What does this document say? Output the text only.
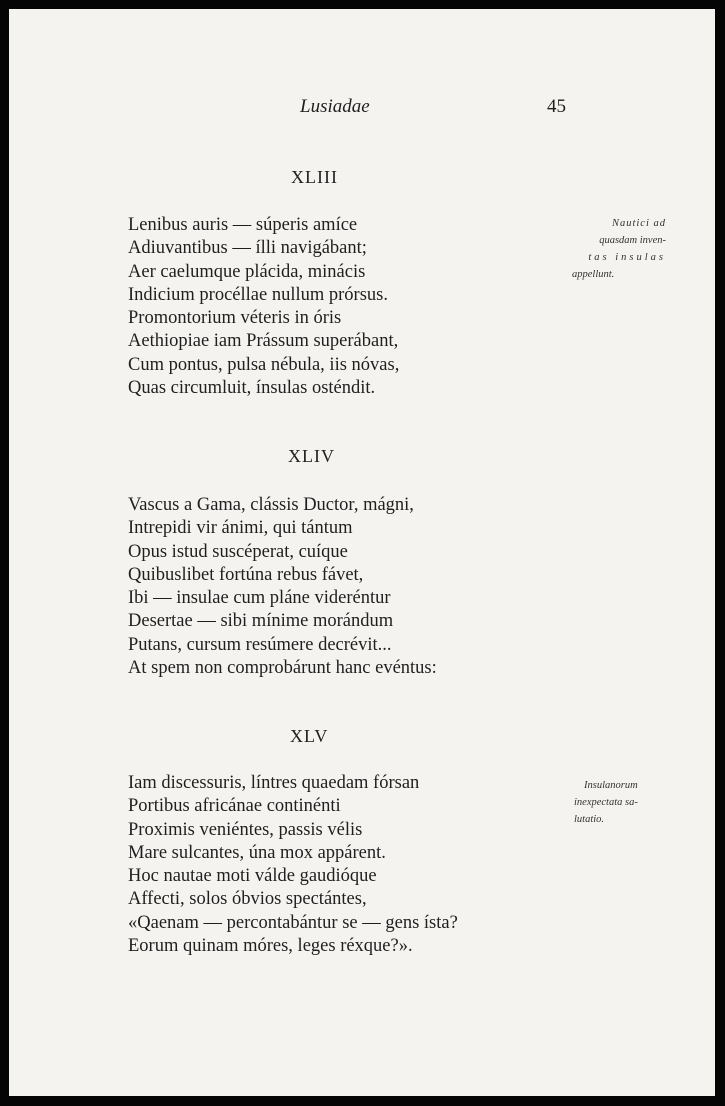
Lusiadae	45
XLIII
Lenibus auris — súperis amíce
Adiuvantibus — ílli navigábant;
Aer caelumque plácida, minácis
Indicium procéllae nullum prórsus.
Promontorium véteris in óris
Aethiopiae iam Prássum superábant,
Cum pontus, pulsa nébula, iis nóvas,
Quas circumluit, ínsulas osténdit.
Nautici ad
quasdam inven-
tas insulas
appellunt.
XLIV
Vascus a Gama, clássis Ductor, mágni,
Intrepidi vir ánimi, qui tántum
Opus istud suscéperat, cuíque
Quibuslibet fortúna rebus fávet,
Ibi — insulae cum pláne videréntur
Desertae — sibi mínime morándum
Putans, cursum resúmere decrévit...
At spem non comprobárunt hanc evéntus:
XLV
Iam discessuris, líntres quaedam fórsan
Portibus africánae continénti
Proximis veniéntes, passis vélis
Mare sulcantes, úna mox appárent.
Hoc nautae moti válde gaudióque
Affecti, solos óbvios spectántes,
«Qaenam — percontabántur se — gens ísta?
Eorum quinam móres, leges réxque?».
Insulanorum
inexpectata sa-
lutatio.
